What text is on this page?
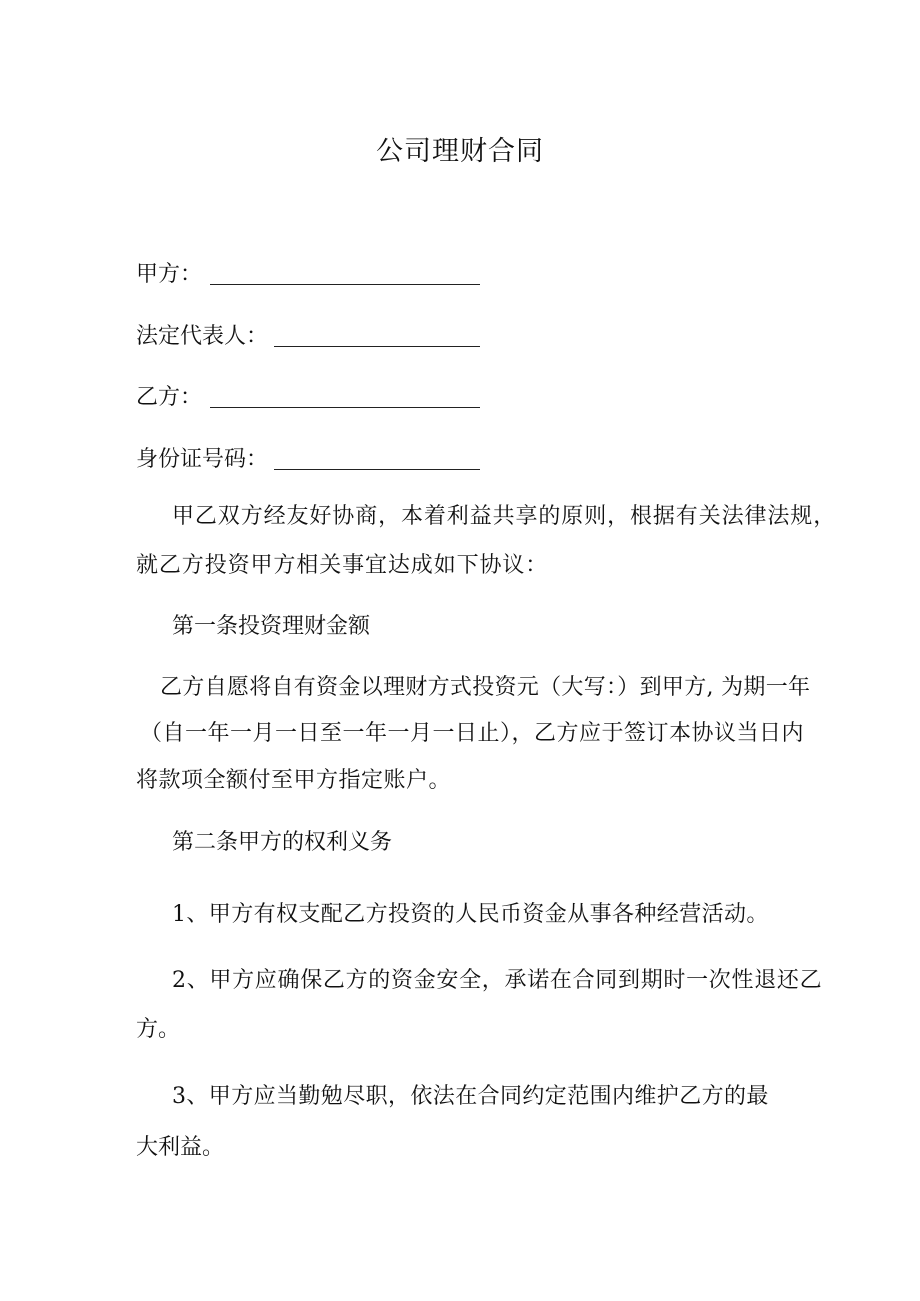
公司理财合同
甲方：
法定代表人：
乙方：
身份证号码：

甲乙双方经友好协商，本着利益共享的原则，根据有关法律法规，

就乙方投资甲方相关事宜达成如下协议：

第一条投资理财金额

乙方自愿将自有资金以理财方式投资元（大写：）到甲方, 为期一年

（自一年一月一日至一年一月一日止），乙方应于签订本协议当日内

将款项全额付至甲方指定账户。

第二条甲方的权利义务

1、甲方有权支配乙方投资的人民币资金从事各种经营活动。

2、甲方应确保乙方的资金安全，承诺在合同到期时一次性退还乙

方。

3、甲方应当勤勉尽职，依法在合同约定范围内维护乙方的最

大利益。
